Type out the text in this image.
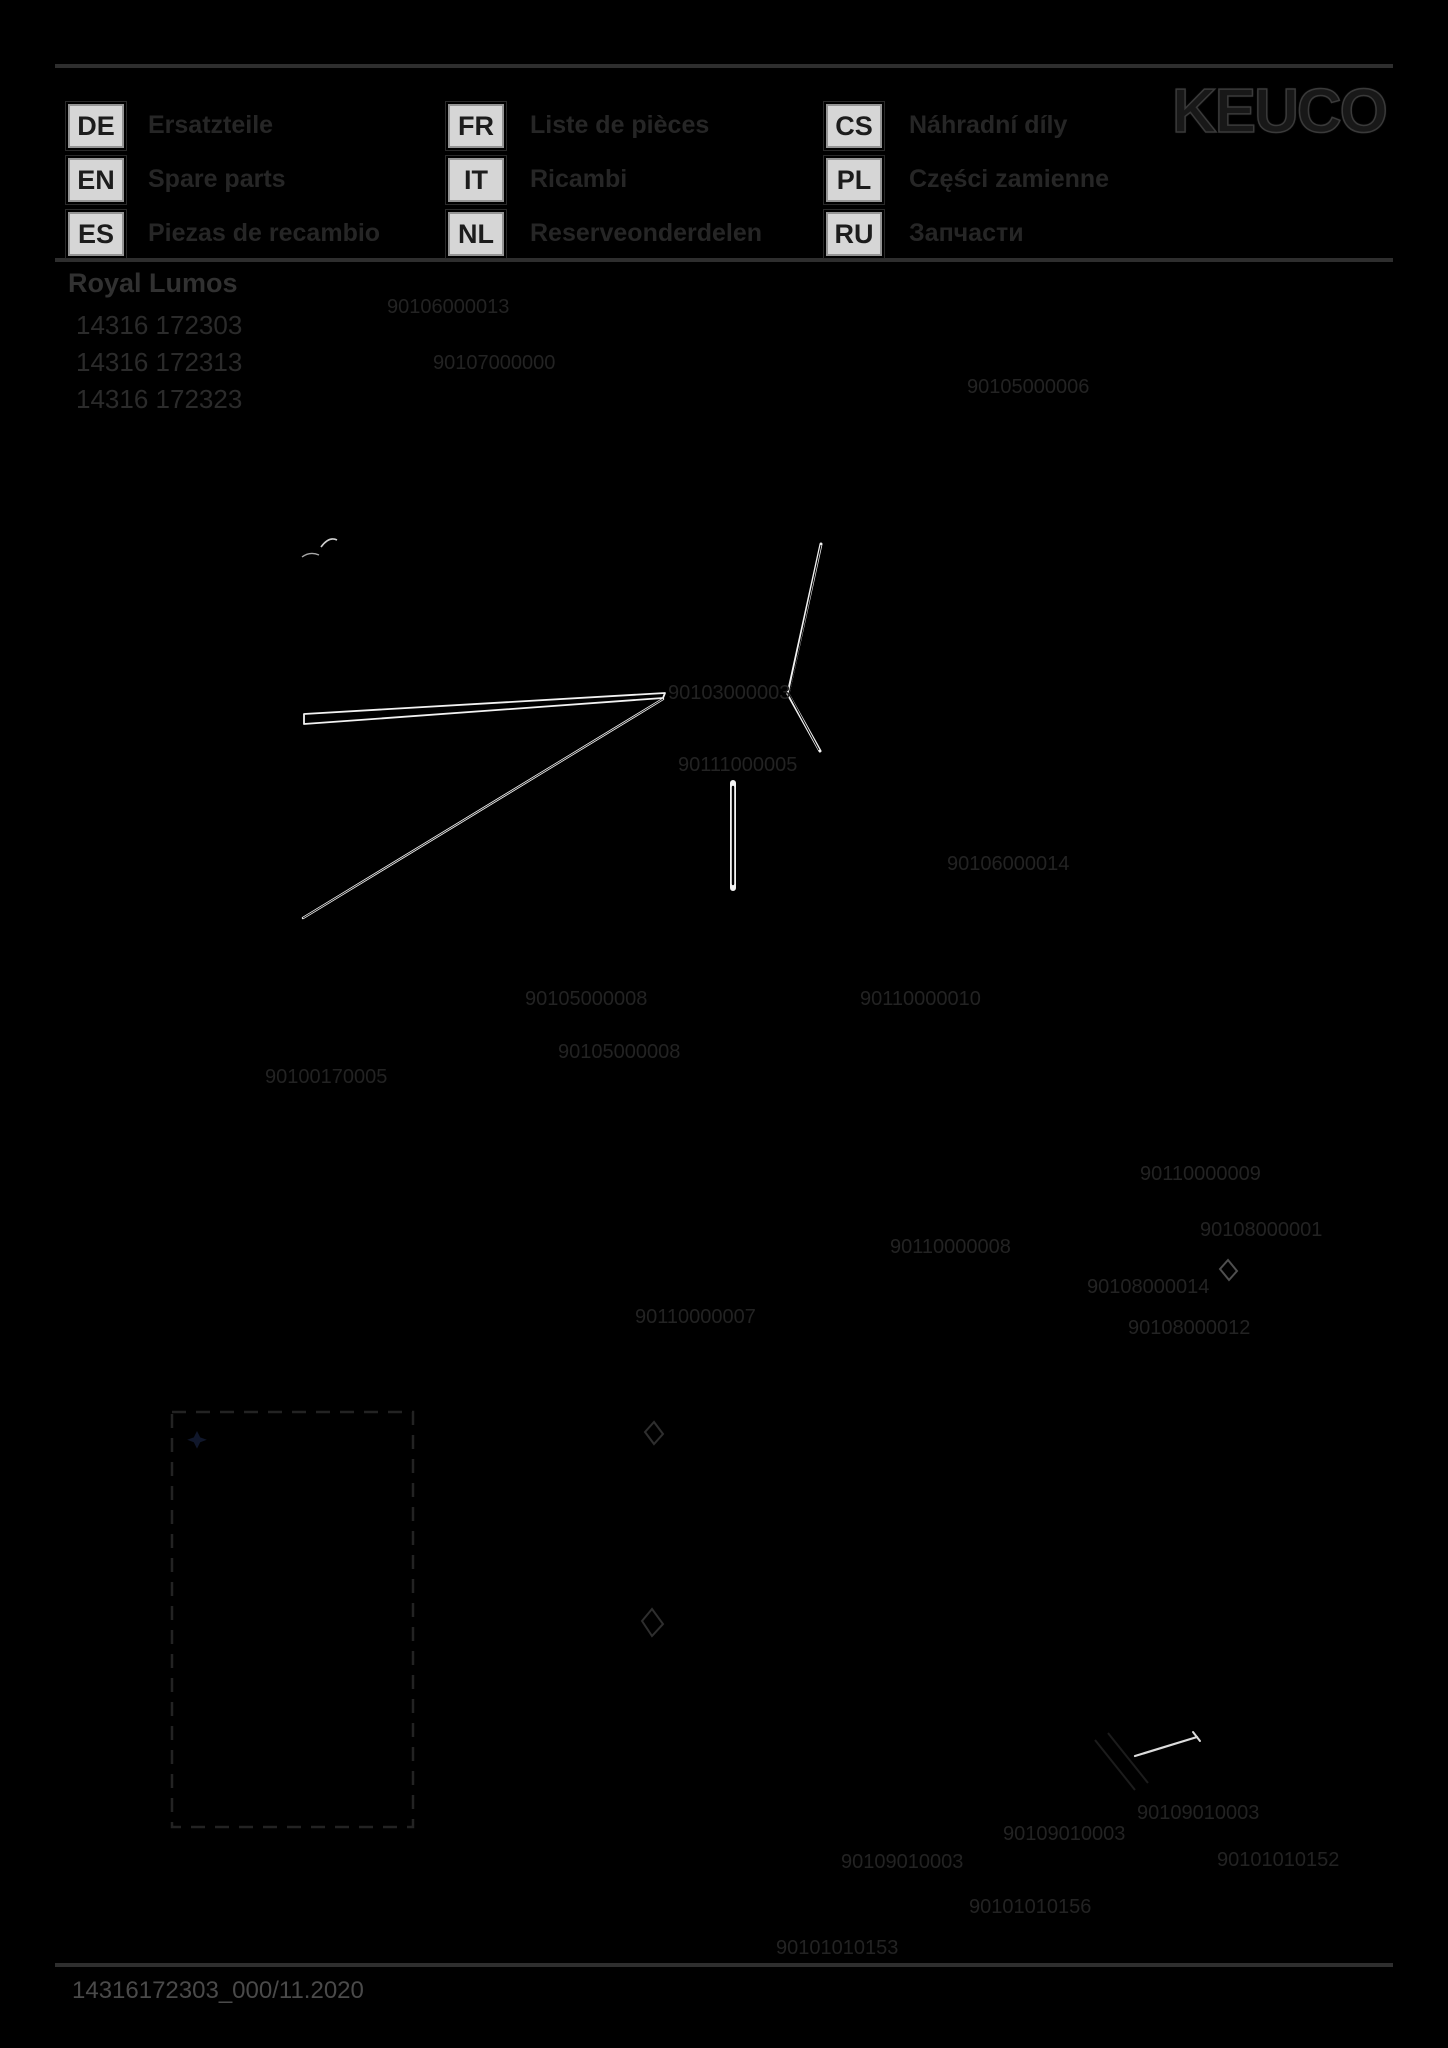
DE	Ersatzteile
EN	Spare parts
ES	Piezas de recambio
FR	Liste de pièces
IT	Ricambi
NL	Reserveonderdelen
CS	Náhradní díly
PL	Części zamienne
RU	Запчасти
KEUCO
Royal Lumos
14316 172303
14316 172313
14316 172323
90106000013
90107000000
90105000006
90103000003
90111000005
90106000014
90105000008	90110000010
90105000008
90100170005
90110000009
90108000001
90110000008
90108000014
90108000012
90110000007
90109010003
90109010003
90101010152
90109010003
90101010156
90101010153
14316172303_000/11.2020
